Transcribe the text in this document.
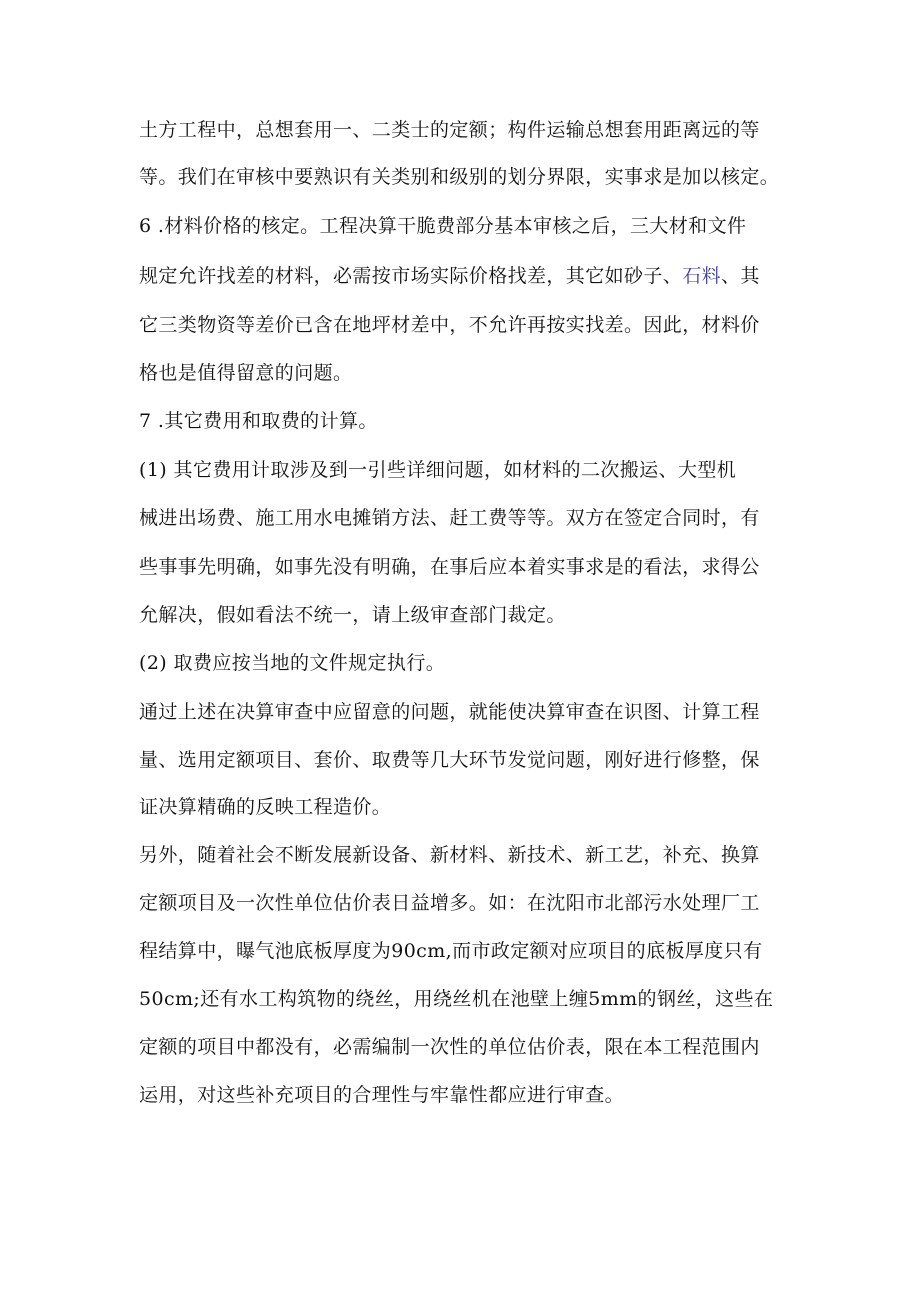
土方工程中，总想套用一、二类士的定额；构件运输总想套用距离远的等
等。我们在审核中要熟识有关类别和级别的划分界限，实事求是加以核定。
6 .材料价格的核定。工程决算干脆费部分基本审核之后，三大材和文件
规定允许找差的材料，必需按市场实际价格找差，其它如砂子、石料、其
它三类物资等差价已含在地坪材差中，不允许再按实找差。因此，材料价
格也是值得留意的问题。
7 .其它费用和取费的计算。
(1) 其它费用计取涉及到一引些详细问题，如材料的二次搬运、大型机
械进出场费、施工用水电摊销方法、赶工费等等。双方在签定合同时，有
些事事先明确，如事先没有明确，在事后应本着实事求是的看法，求得公
允解决，假如看法不统一，请上级审查部门裁定。
(2) 取费应按当地的文件规定执行。
通过上述在决算审查中应留意的问题，就能使决算审查在识图、计算工程
量、选用定额项目、套价、取费等几大环节发觉问题，刚好进行修整，保
证决算精确的反映工程造价。
另外，随着社会不断发展新设备、新材料、新技术、新工艺，补充、换算
定额项目及一次性单位估价表日益增多。如：在沈阳市北部污水处理厂工
程结算中，曝气池底板厚度为90cm,而市政定额对应项目的底板厚度只有
50cm;还有水工构筑物的绕丝，用绕丝机在池壁上缠5mm的钢丝，这些在
定额的项目中都没有，必需编制一次性的单位估价表，限在本工程范围内
运用，对这些补充项目的合理性与牢靠性都应进行审查。
